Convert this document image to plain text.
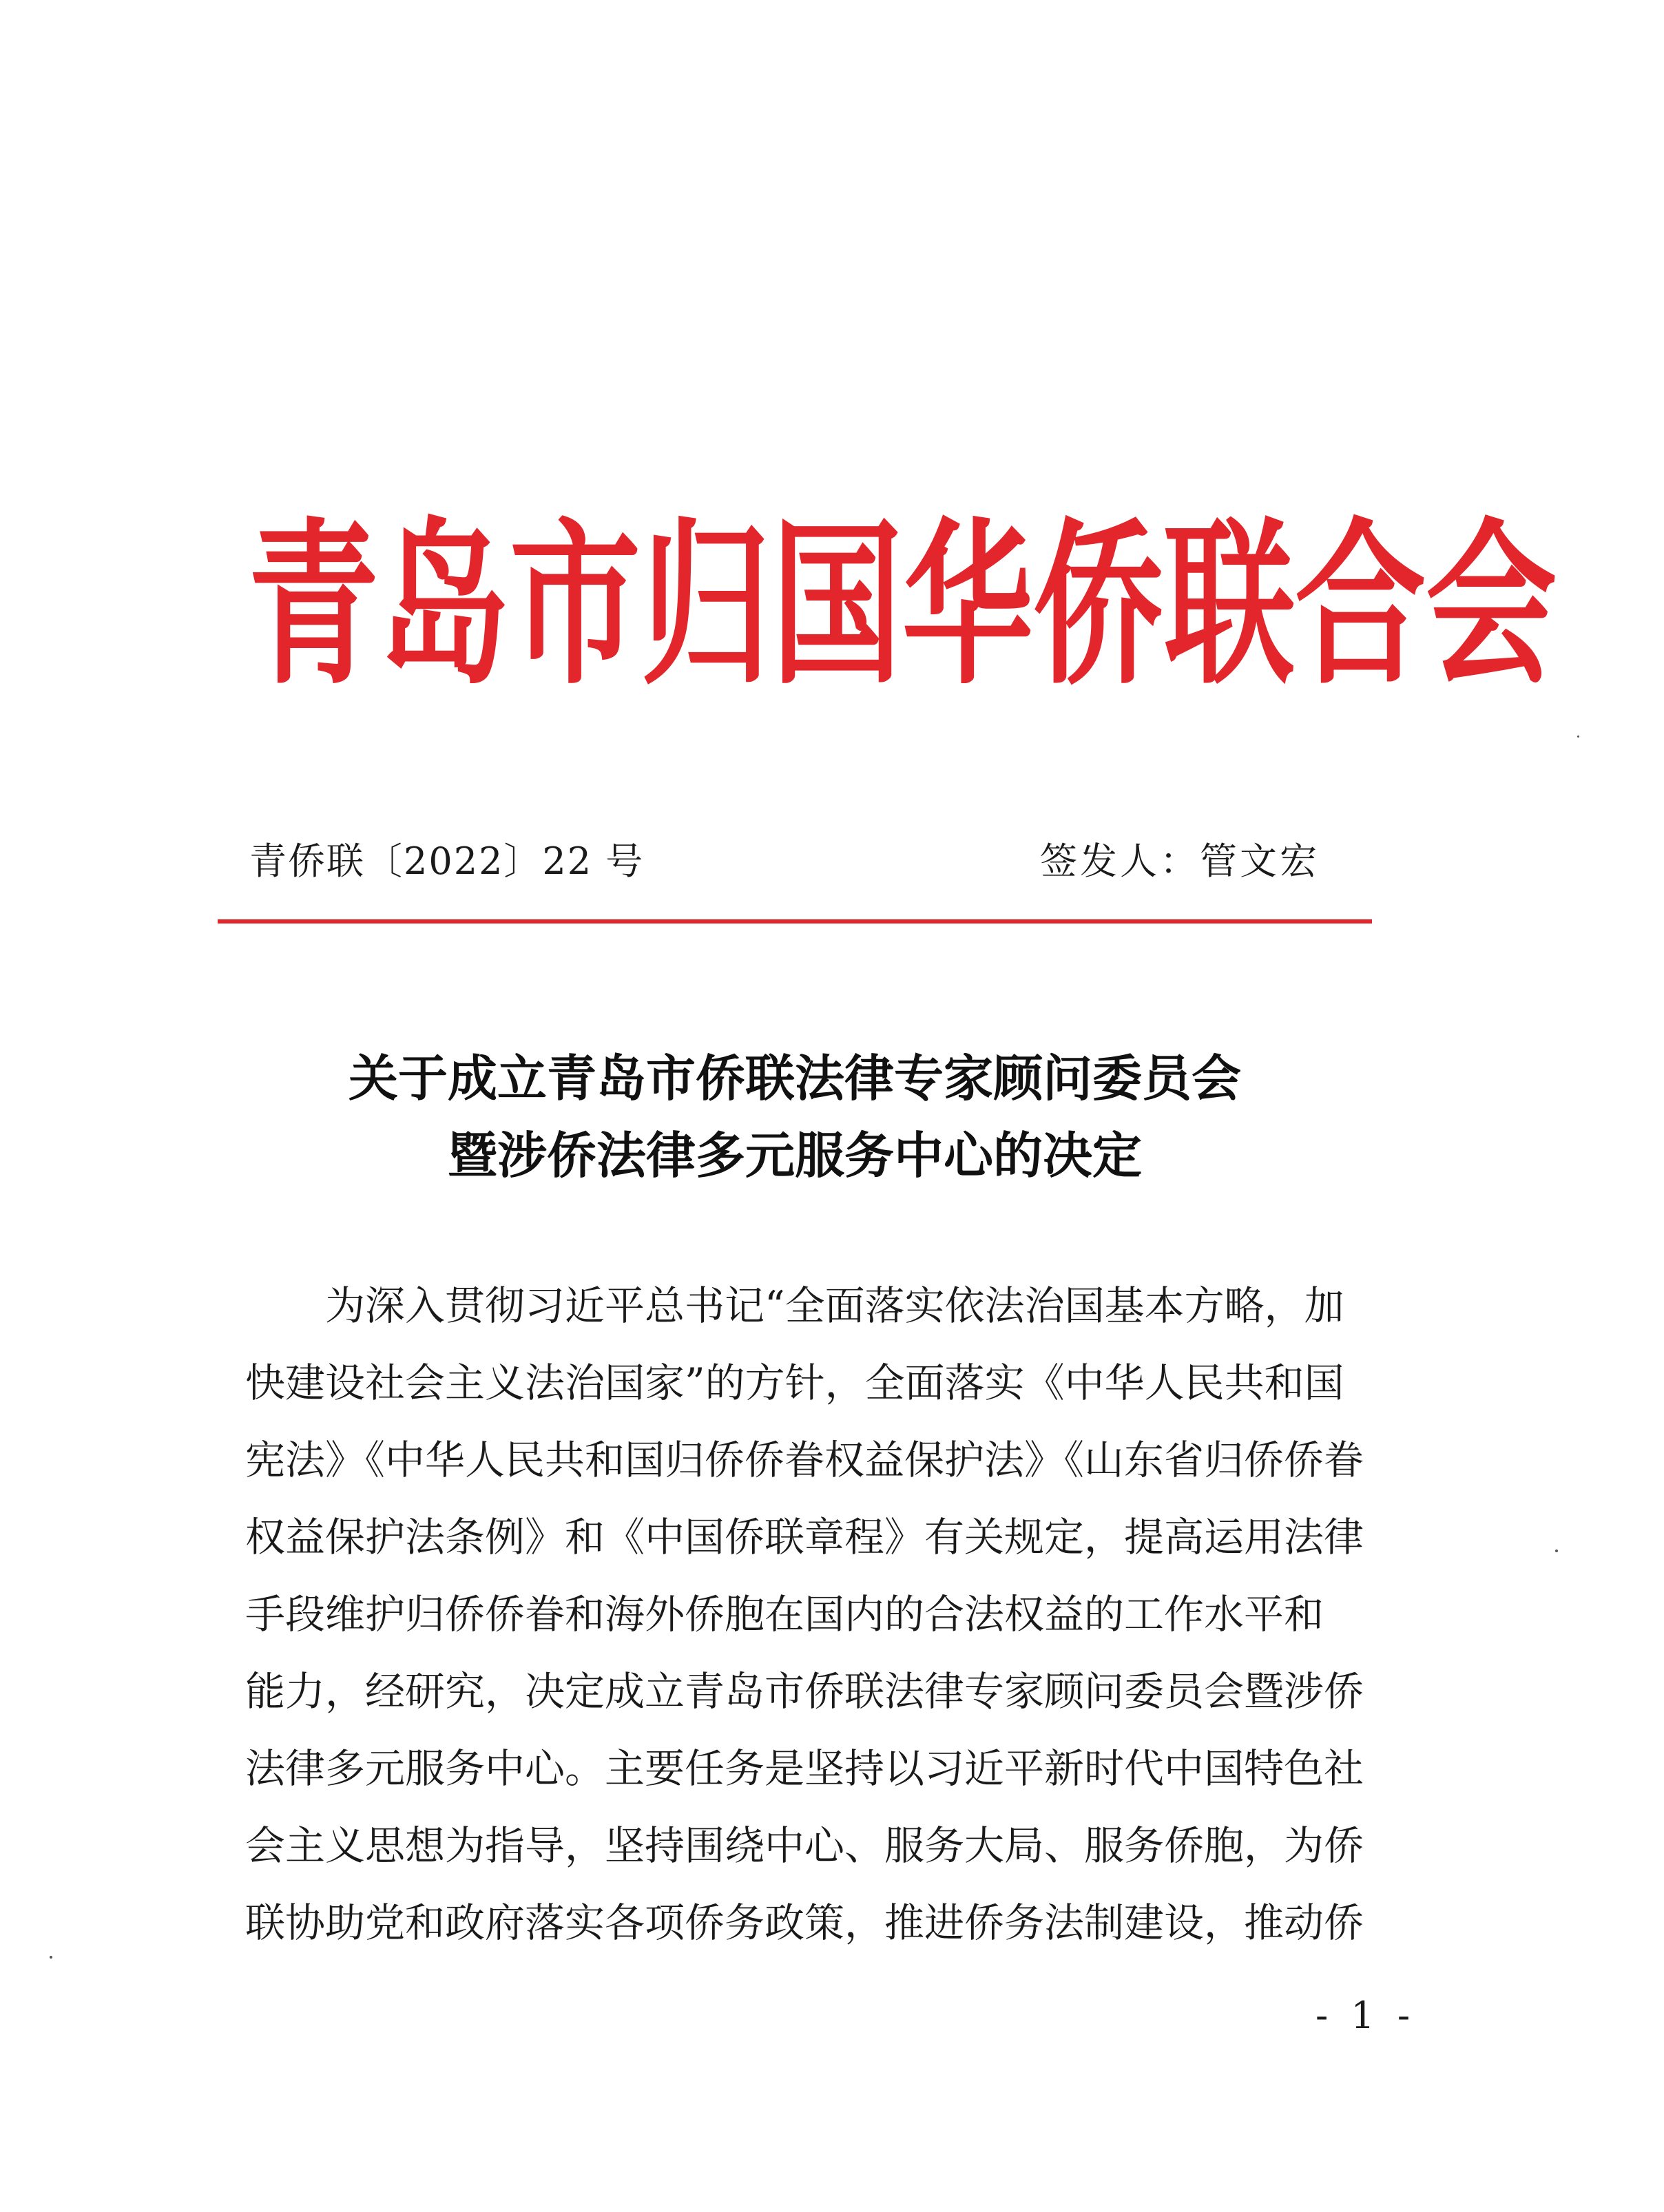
青 岛 市 归 国 华 侨 联 合 会
青侨联〔2022〕22 号	签发人：管文宏
关于成立青岛市侨联法律专家顾问委员会
暨涉侨法律多元服务中心的决定
为深入贯彻习近平总书记“全面落实依法治国基本方略，加
快建设社会主义法治国家”的方针，全面落实《中华人民共和国
宪法》《中华人民共和国归侨侨眷权益保护法》《山东省归侨侨眷
权益保护法条例》和《中国侨联章程》有关规定，提高运用法律
手段维护归侨侨眷和海外侨胞在国内的合法权益的工作水平和
能力，经研究，决定成立青岛市侨联法律专家顾问委员会暨涉侨
法律多元服务中心。主要任务是坚持以习近平新时代中国特色社
会主义思想为指导，坚持围绕中心、服务大局、服务侨胞，为侨
联协助党和政府落实各项侨务政策，推进侨务法制建设，推动侨
- 1 -
